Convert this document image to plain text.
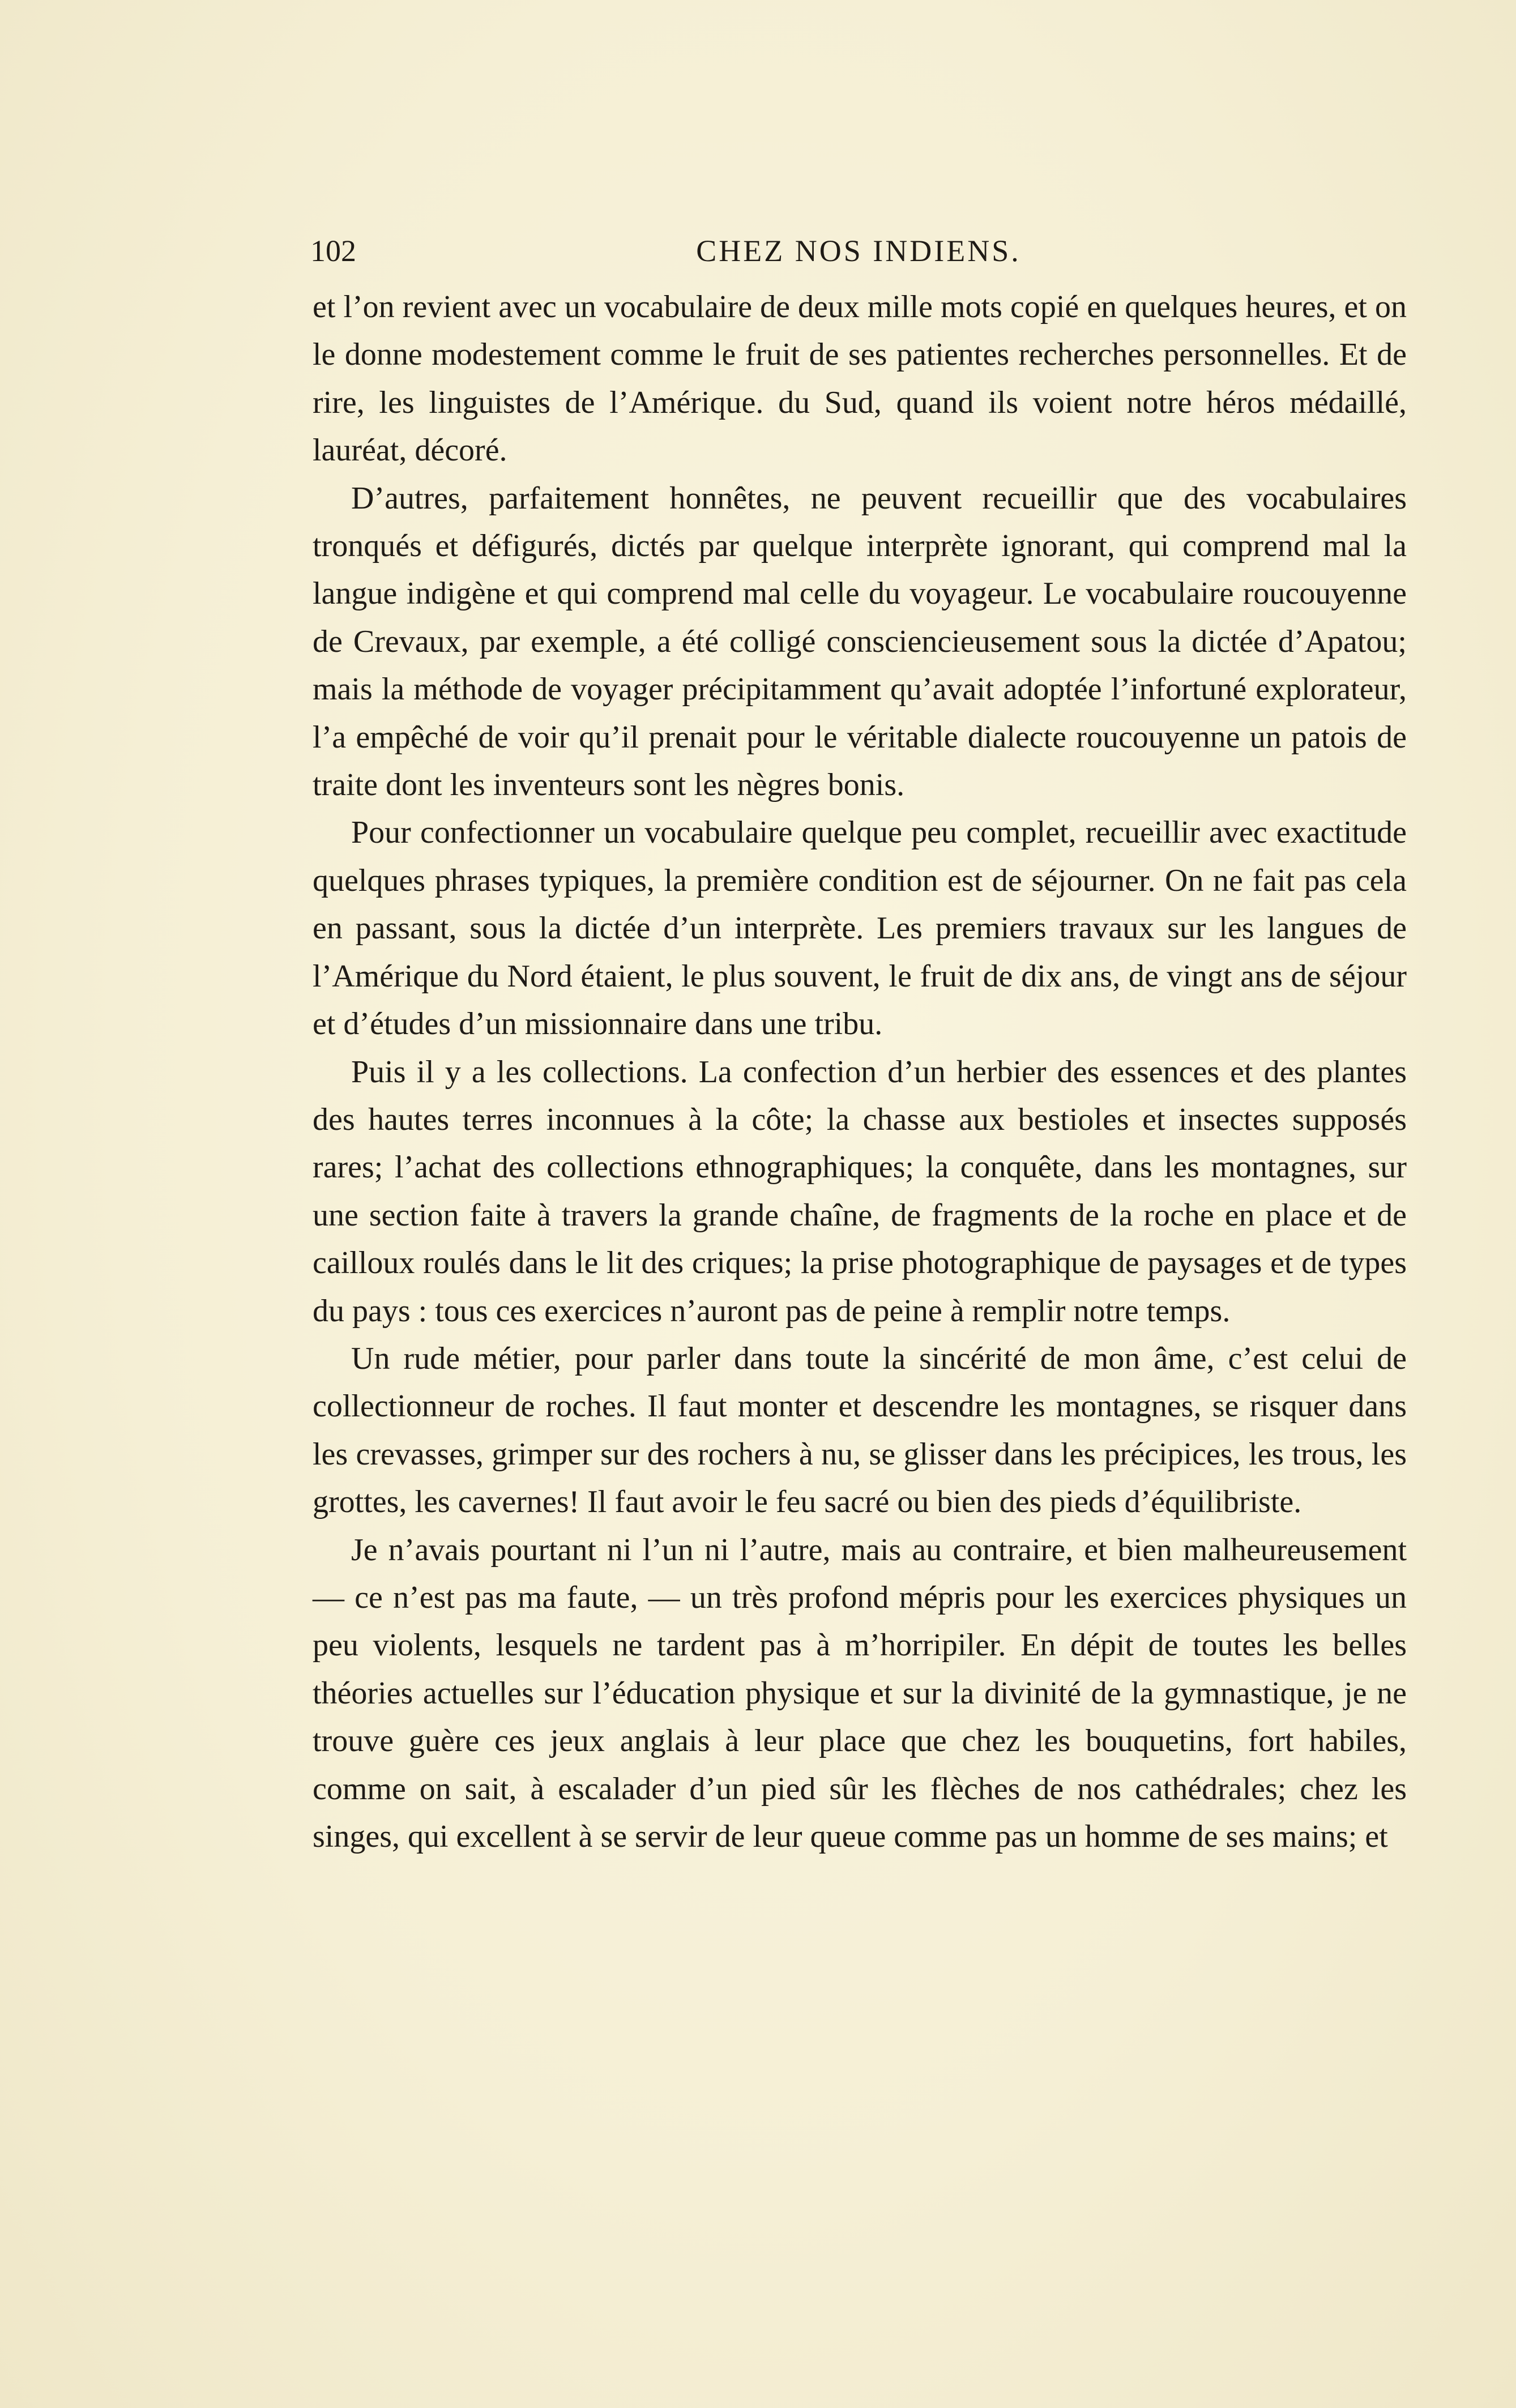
102	CHEZ NOS INDIENS.

et l’on revient avec un vocabulaire de deux mille mots copié en quelques heures, et on le donne modestement comme le fruit de ses patientes recherches personnelles. Et de rire, les linguistes de l’Amérique. du Sud, quand ils voient notre héros médaillé, lauréat, décoré.

D’autres, parfaitement honnêtes, ne peuvent recueillir que des vocabulaires tronqués et défigurés, dictés par quelque interprète ignorant, qui comprend mal la langue indigène et qui comprend mal celle du voyageur. Le vocabulaire roucouyenne de Crevaux, par exemple, a été colligé consciencieusement sous la dictée d’Apatou; mais la méthode de voyager précipitamment qu’avait adoptée l’infortuné explorateur, l’a empêché de voir qu’il prenait pour le véritable dialecte roucouyenne un patois de traite dont les inventeurs sont les nègres bonis.

Pour confectionner un vocabulaire quelque peu complet, recueillir avec exactitude quelques phrases typiques, la première condition est de séjourner. On ne fait pas cela en passant, sous la dictée d’un interprète. Les premiers travaux sur les langues de l’Amérique du Nord étaient, le plus souvent, le fruit de dix ans, de vingt ans de séjour et d’études d’un missionnaire dans une tribu.

Puis il y a les collections. La confection d’un herbier des essences et des plantes des hautes terres inconnues à la côte; la chasse aux bestioles et insectes supposés rares; l’achat des collections ethnographiques; la conquête, dans les montagnes, sur une section faite à travers la grande chaîne, de fragments de la roche en place et de cailloux roulés dans le lit des criques; la prise photographique de paysages et de types du pays : tous ces exercices n’auront pas de peine à remplir notre temps.

Un rude métier, pour parler dans toute la sincérité de mon âme, c’est celui de collectionneur de roches. Il faut monter et descendre les montagnes, se risquer dans les crevasses, grimper sur des rochers à nu, se glisser dans les précipices, les trous, les grottes, les cavernes! Il faut avoir le feu sacré ou bien des pieds d’équilibriste.

Je n’avais pourtant ni l’un ni l’autre, mais au contraire, et bien malheureusement — ce n’est pas ma faute, — un très profond mépris pour les exercices physiques un peu violents, lesquels ne tardent pas à m’horripiler. En dépit de toutes les belles théories actuelles sur l’éducation physique et sur la divinité de la gymnastique, je ne trouve guère ces jeux anglais à leur place que chez les bouquetins, fort habiles, comme on sait, à escalader d’un pied sûr les flèches de nos cathédrales; chez les singes, qui excellent à se servir de leur queue comme pas un homme de ses mains; et
